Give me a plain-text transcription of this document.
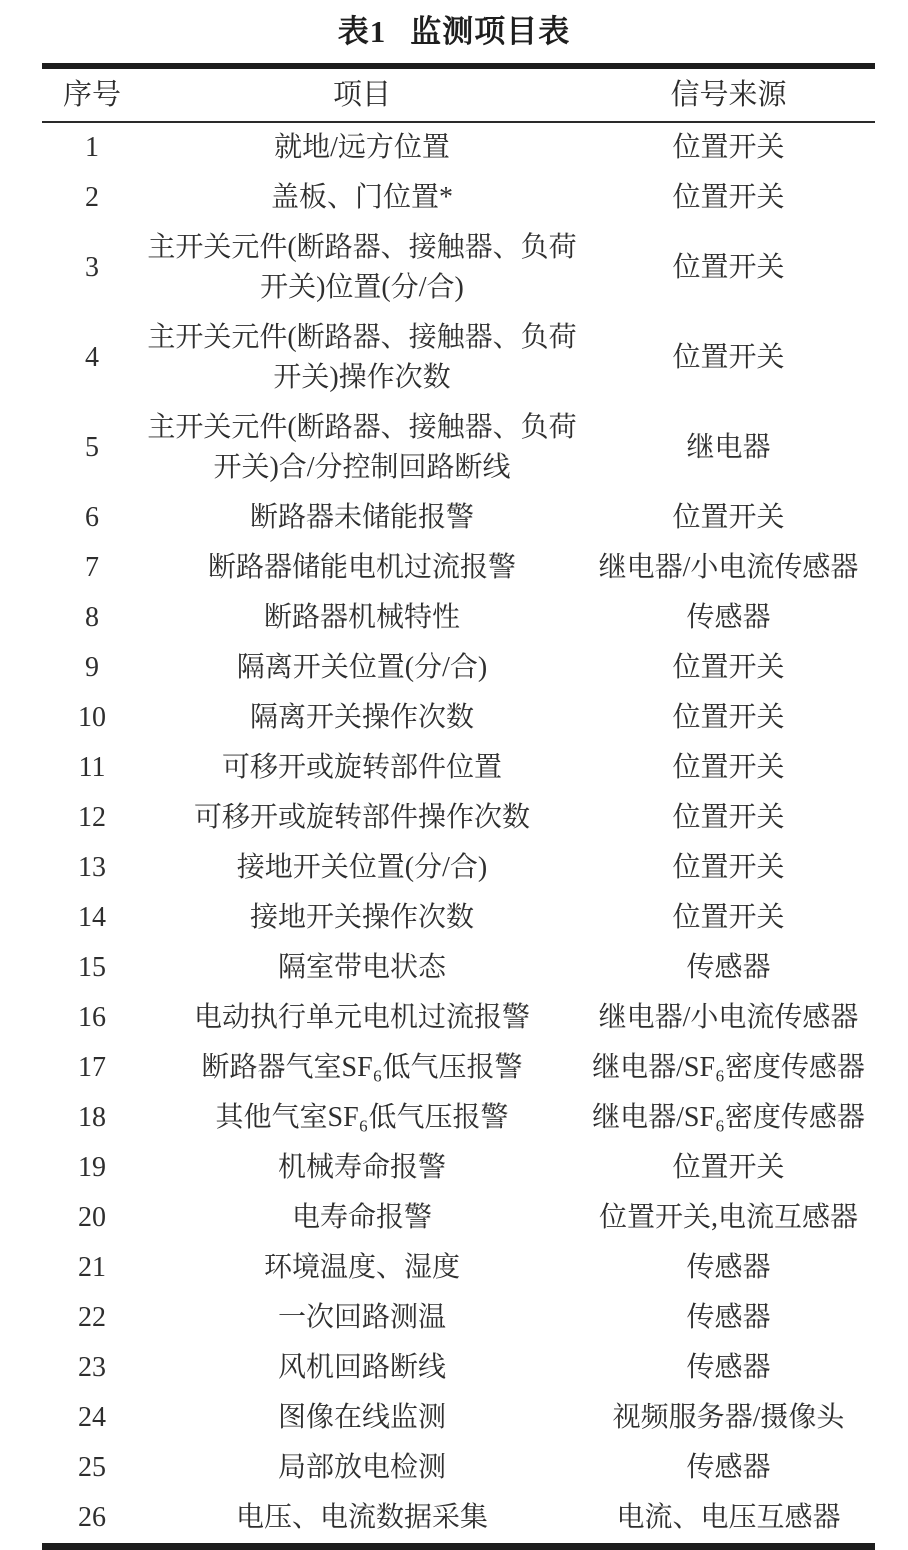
表1 监测项目表
序号	项目	信号来源
1	就地/远方位置	位置开关
2	盖板、门位置*	位置开关
3	主开关元件(断路器、接触器、负荷开关)位置(分/合)	位置开关
4	主开关元件(断路器、接触器、负荷开关)操作次数	位置开关
5	主开关元件(断路器、接触器、负荷开关)合/分控制回路断线	继电器
6	断路器未储能报警	位置开关
7	断路器储能电机过流报警	继电器/小电流传感器
8	断路器机械特性	传感器
9	隔离开关位置(分/合)	位置开关
10	隔离开关操作次数	位置开关
11	可移开或旋转部件位置	位置开关
12	可移开或旋转部件操作次数	位置开关
13	接地开关位置(分/合)	位置开关
14	接地开关操作次数	位置开关
15	隔室带电状态	传感器
16	电动执行单元电机过流报警	继电器/小电流传感器
17	断路器气室SF₆低气压报警	继电器/SF₆密度传感器
18	其他气室SF₆低气压报警	继电器/SF₆密度传感器
19	机械寿命报警	位置开关
20	电寿命报警	位置开关,电流互感器
21	环境温度、湿度	传感器
22	一次回路测温	传感器
23	风机回路断线	传感器
24	图像在线监测	视频服务器/摄像头
25	局部放电检测	传感器
26	电压、电流数据采集	电流、电压互感器
